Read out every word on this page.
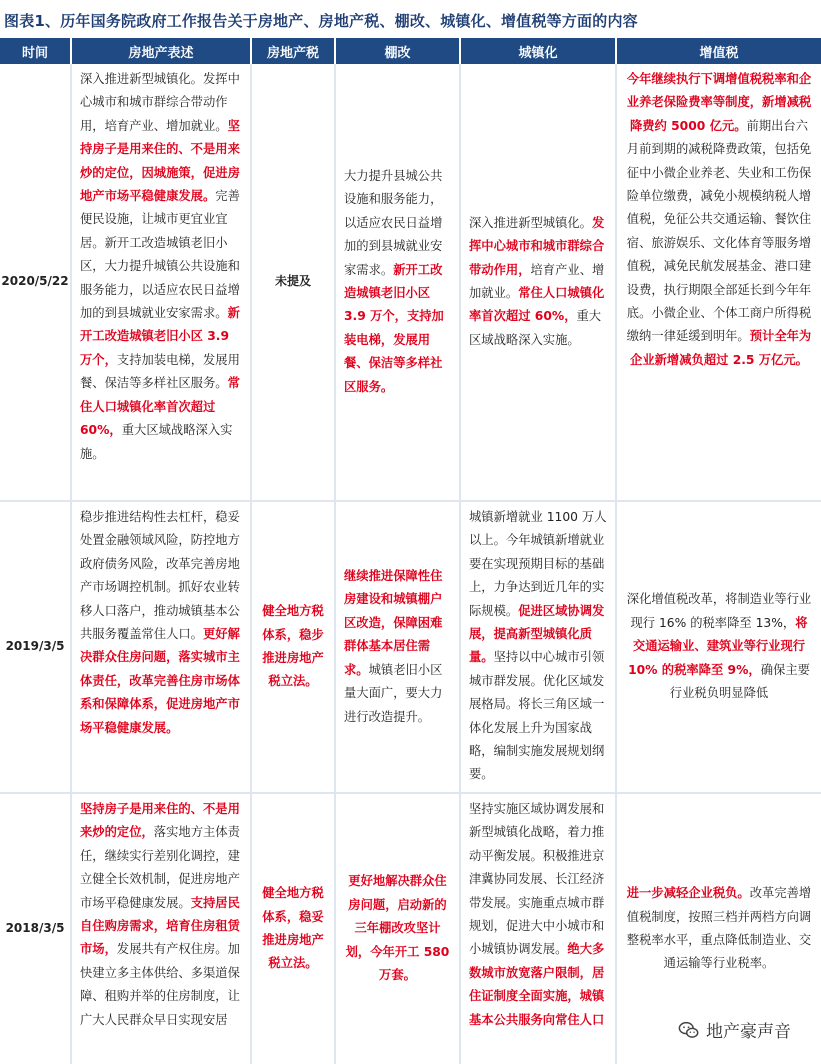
图表1、历年国务院政府工作报告关于房地产、房地产税、棚改、城镇化、增值税等方面的内容
时间	房地产表述	房地产税	棚改	城镇化	增值税
2020/5/22
深入推进新型城镇化。发挥中心城市和城市群综合带动作用，培育产业、增加就业。坚持房子是用来住的、不是用来炒的定位，因城施策，促进房地产市场平稳健康发展。完善便民设施，让城市更宜业宜居。新开工改造城镇老旧小区，大力提升城镇公共设施和服务能力，以适应农民日益增加的到县城就业安家需求。新开工改造城镇老旧小区 3.9 万个，支持加装电梯，发展用餐、保洁等多样社区服务。常住人口城镇化率首次超过 60%，重大区域战略深入实施。
未提及
大力提升县城公共设施和服务能力，以适应农民日益增加的到县城就业安家需求。新开工改造城镇老旧小区 3.9 万个，支持加装电梯，发展用餐、保洁等多样社区服务。
深入推进新型城镇化。发挥中心城市和城市群综合带动作用，培育产业、增加就业。常住人口城镇化率首次超过 60%，重大区域战略深入实施。
今年继续执行下调增值税税率和企业养老保险费率等制度，新增减税降费约 5000 亿元。前期出台六月前到期的减税降费政策，包括免征中小微企业养老、失业和工伤保险单位缴费，减免小规模纳税人增值税，免征公共交通运输、餐饮住宿、旅游娱乐、文化体育等服务增值税，减免民航发展基金、港口建设费，执行期限全部延长到今年年底。小微企业、个体工商户所得税缴纳一律延缓到明年。预计全年为企业新增减负超过 2.5 万亿元。
2019/3/5
稳步推进结构性去杠杆，稳妥处置金融领域风险，防控地方政府债务风险，改革完善房地产市场调控机制。抓好农业转移人口落户，推动城镇基本公共服务覆盖常住人口。更好解决群众住房问题，落实城市主体责任，改革完善住房市场体系和保障体系，促进房地产市场平稳健康发展。
健全地方税体系，稳步推进房地产税立法。
继续推进保障性住房建设和城镇棚户区改造，保障困难群体基本居住需求。城镇老旧小区量大面广，要大力进行改造提升。
城镇新增就业 1100 万人以上。今年城镇新增就业要在实现预期目标的基础上，力争达到近几年的实际规模。促进区域协调发展，提高新型城镇化质量。坚持以中心城市引领城市群发展。优化区域发展格局。将长三角区域一体化发展上升为国家战略，编制实施发展规划纲要。
深化增值税改革，将制造业等行业现行 16% 的税率降至 13%，将交通运输业、建筑业等行业现行 10% 的税率降至 9%，确保主要行业税负明显降低
2018/3/5
坚持房子是用来住的、不是用来炒的定位，落实地方主体责任，继续实行差别化调控，建立健全长效机制，促进房地产市场平稳健康发展。支持居民自住购房需求，培育住房租赁市场，发展共有产权住房。加快建立多主体供给、多渠道保障、租购并举的住房制度，让广大人民群众早日实现安居
健全地方税体系，稳妥推进房地产税立法。
更好地解决群众住房问题，启动新的三年棚改攻坚计划，今年开工 580 万套。
坚持实施区域协调发展和新型城镇化战略，着力推动平衡发展。积极推进京津冀协同发展、长江经济带发展。实施重点城市群规划，促进大中小城市和小城镇协调发展。绝大多数城市放宽落户限制，居住证制度全面实施，城镇基本公共服务向常住人口
进一步减轻企业税负。改革完善增值税制度，按照三档并两档方向调整税率水平，重点降低制造业、交通运输等行业税率。
地产豪声音
